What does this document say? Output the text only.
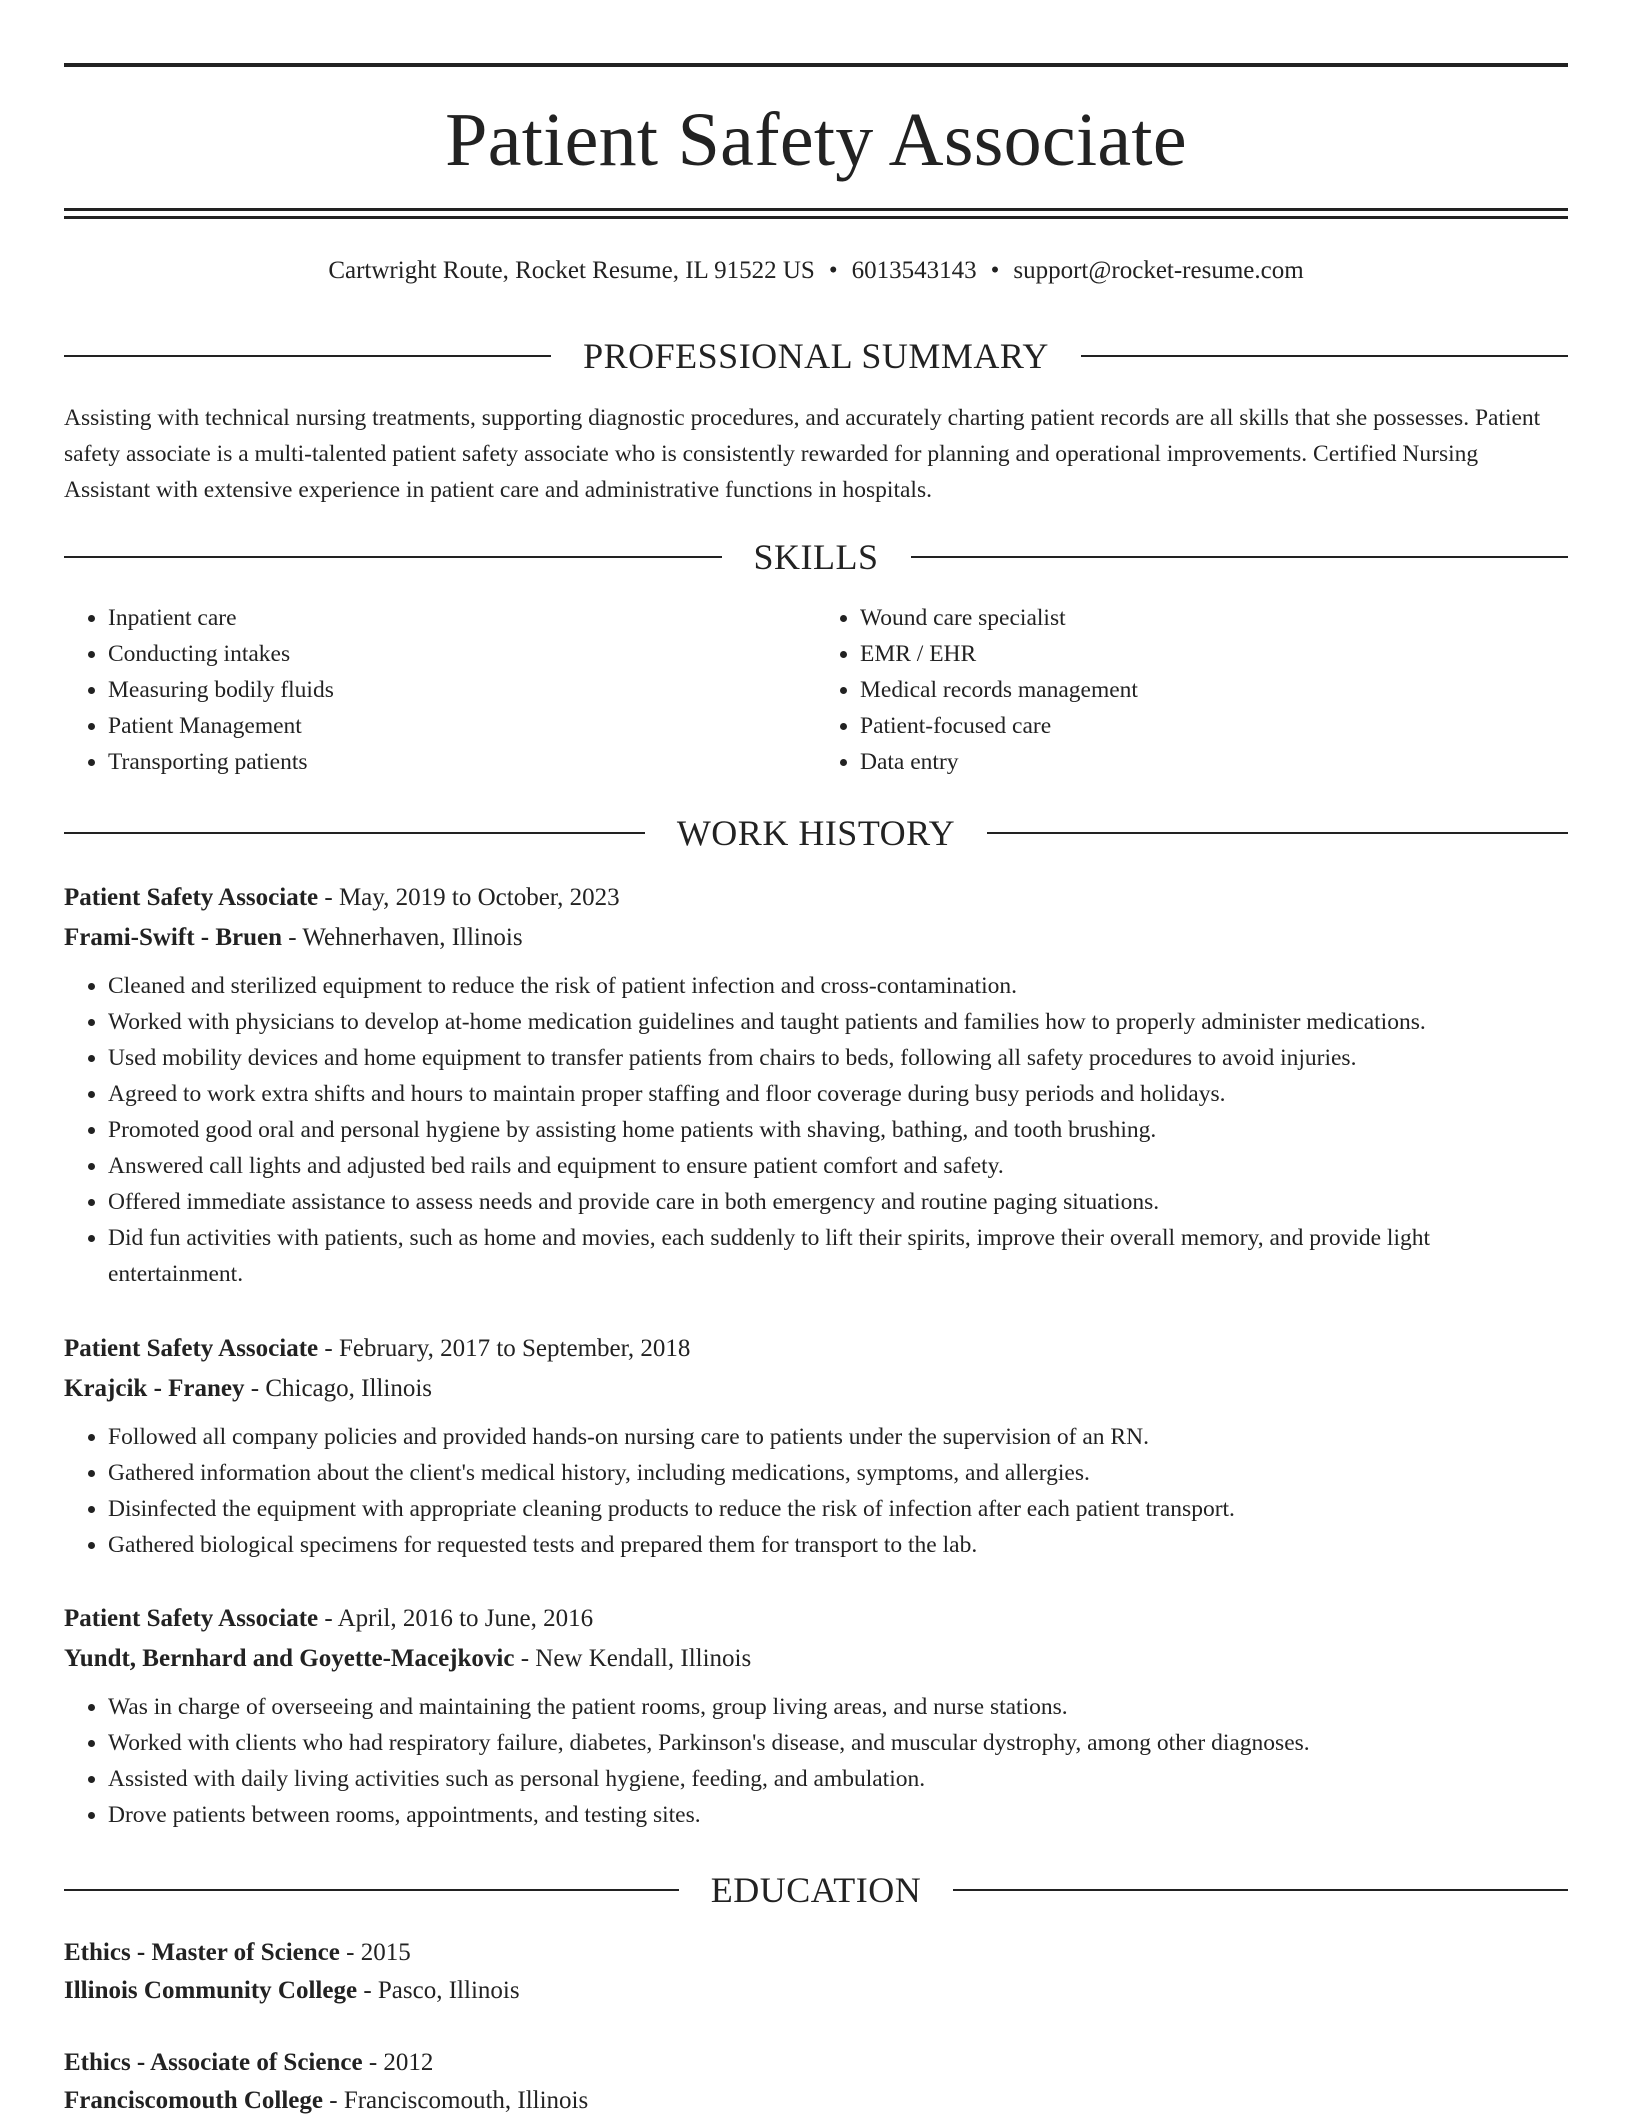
Patient Safety Associate
Cartwright Route, Rocket Resume, IL 91522 US • 6013543143 • support@rocket-resume.com
PROFESSIONAL SUMMARY

Assisting with technical nursing treatments, supporting diagnostic procedures, and accurately charting patient records are all skills that she possesses. Patient safety associate is a multi-talented patient safety associate who is consistently rewarded for planning and operational improvements. Certified Nursing Assistant with extensive experience in patient care and administrative functions in hospitals.

SKILLS
• Inpatient care
• Conducting intakes
• Measuring bodily fluids
• Patient Management
• Transporting patients
• Wound care specialist
• EMR / EHR
• Medical records management
• Patient-focused care
• Data entry
WORK HISTORY
Patient Safety Associate - May, 2019 to October, 2023
Frami-Swift - Bruen - Wehnerhaven, Illinois
• Cleaned and sterilized equipment to reduce the risk of patient infection and cross-contamination.
• Worked with physicians to develop at-home medication guidelines and taught patients and families how to properly administer medications.
• Used mobility devices and home equipment to transfer patients from chairs to beds, following all safety procedures to avoid injuries.
• Agreed to work extra shifts and hours to maintain proper staffing and floor coverage during busy periods and holidays.
• Promoted good oral and personal hygiene by assisting home patients with shaving, bathing, and tooth brushing.
• Answered call lights and adjusted bed rails and equipment to ensure patient comfort and safety.
• Offered immediate assistance to assess needs and provide care in both emergency and routine paging situations.
• Did fun activities with patients, such as home and movies, each suddenly to lift their spirits, improve their overall memory, and provide light entertainment.
Patient Safety Associate - February, 2017 to September, 2018
Krajcik - Franey - Chicago, Illinois
• Followed all company policies and provided hands-on nursing care to patients under the supervision of an RN.
• Gathered information about the client's medical history, including medications, symptoms, and allergies.
• Disinfected the equipment with appropriate cleaning products to reduce the risk of infection after each patient transport.
• Gathered biological specimens for requested tests and prepared them for transport to the lab.
Patient Safety Associate - April, 2016 to June, 2016
Yundt, Bernhard and Goyette-Macejkovic - New Kendall, Illinois
• Was in charge of overseeing and maintaining the patient rooms, group living areas, and nurse stations.
• Worked with clients who had respiratory failure, diabetes, Parkinson's disease, and muscular dystrophy, among other diagnoses.
• Assisted with daily living activities such as personal hygiene, feeding, and ambulation.
• Drove patients between rooms, appointments, and testing sites.
EDUCATION
Ethics - Master of Science - 2015
Illinois Community College - Pasco, Illinois
Ethics - Associate of Science - 2012
Franciscomouth College - Franciscomouth, Illinois
